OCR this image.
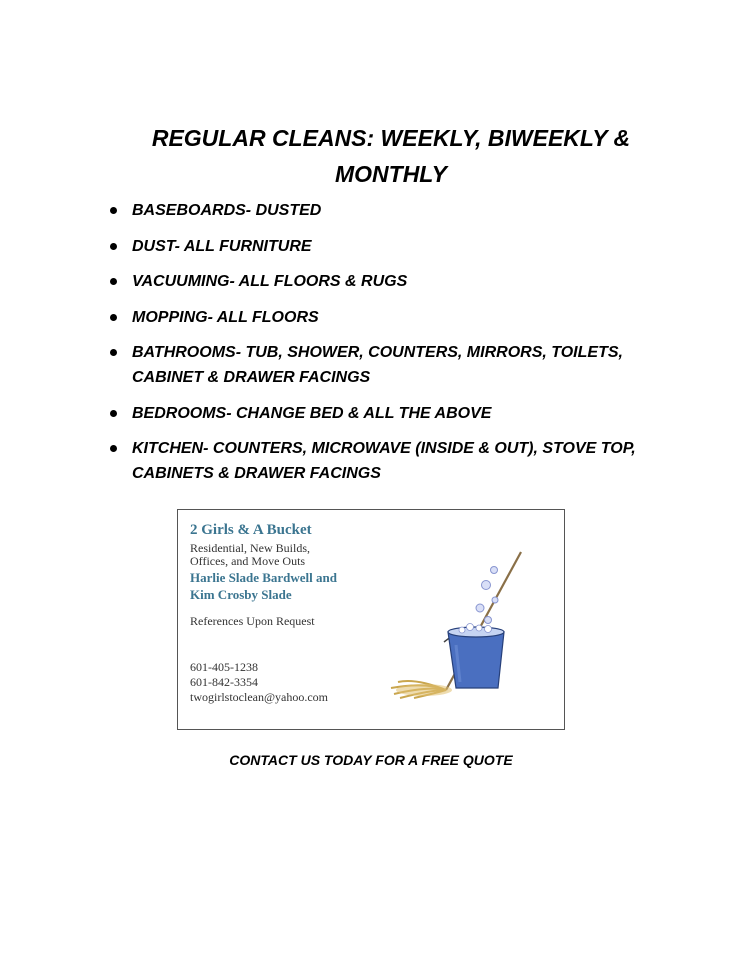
REGULAR CLEANS: WEEKLY, BIWEEKLY &
MONTHLY
BASEBOARDS- DUSTED
DUST- ALL FURNITURE
VACUUMING- ALL FLOORS & RUGS
MOPPING- ALL FLOORS
BATHROOMS- TUB, SHOWER, COUNTERS, MIRRORS, TOILETS,
CABINET & DRAWER FACINGS
BEDROOMS- CHANGE BED & ALL THE ABOVE
KITCHEN- COUNTERS, MICROWAVE (INSIDE & OUT), STOVE TOP,
CABINETS & DRAWER FACINGS

2 Girls & A Bucket

Residential, New Builds,
Offices, and Move Outs
Harlie Slade Bardwell and
Kim Crosby Slade
References Upon Request
601-405-1238
601-842-3354
twogirlstoclean@yahoo.com
CONTACT US TODAY FOR A FREE QUOTE
